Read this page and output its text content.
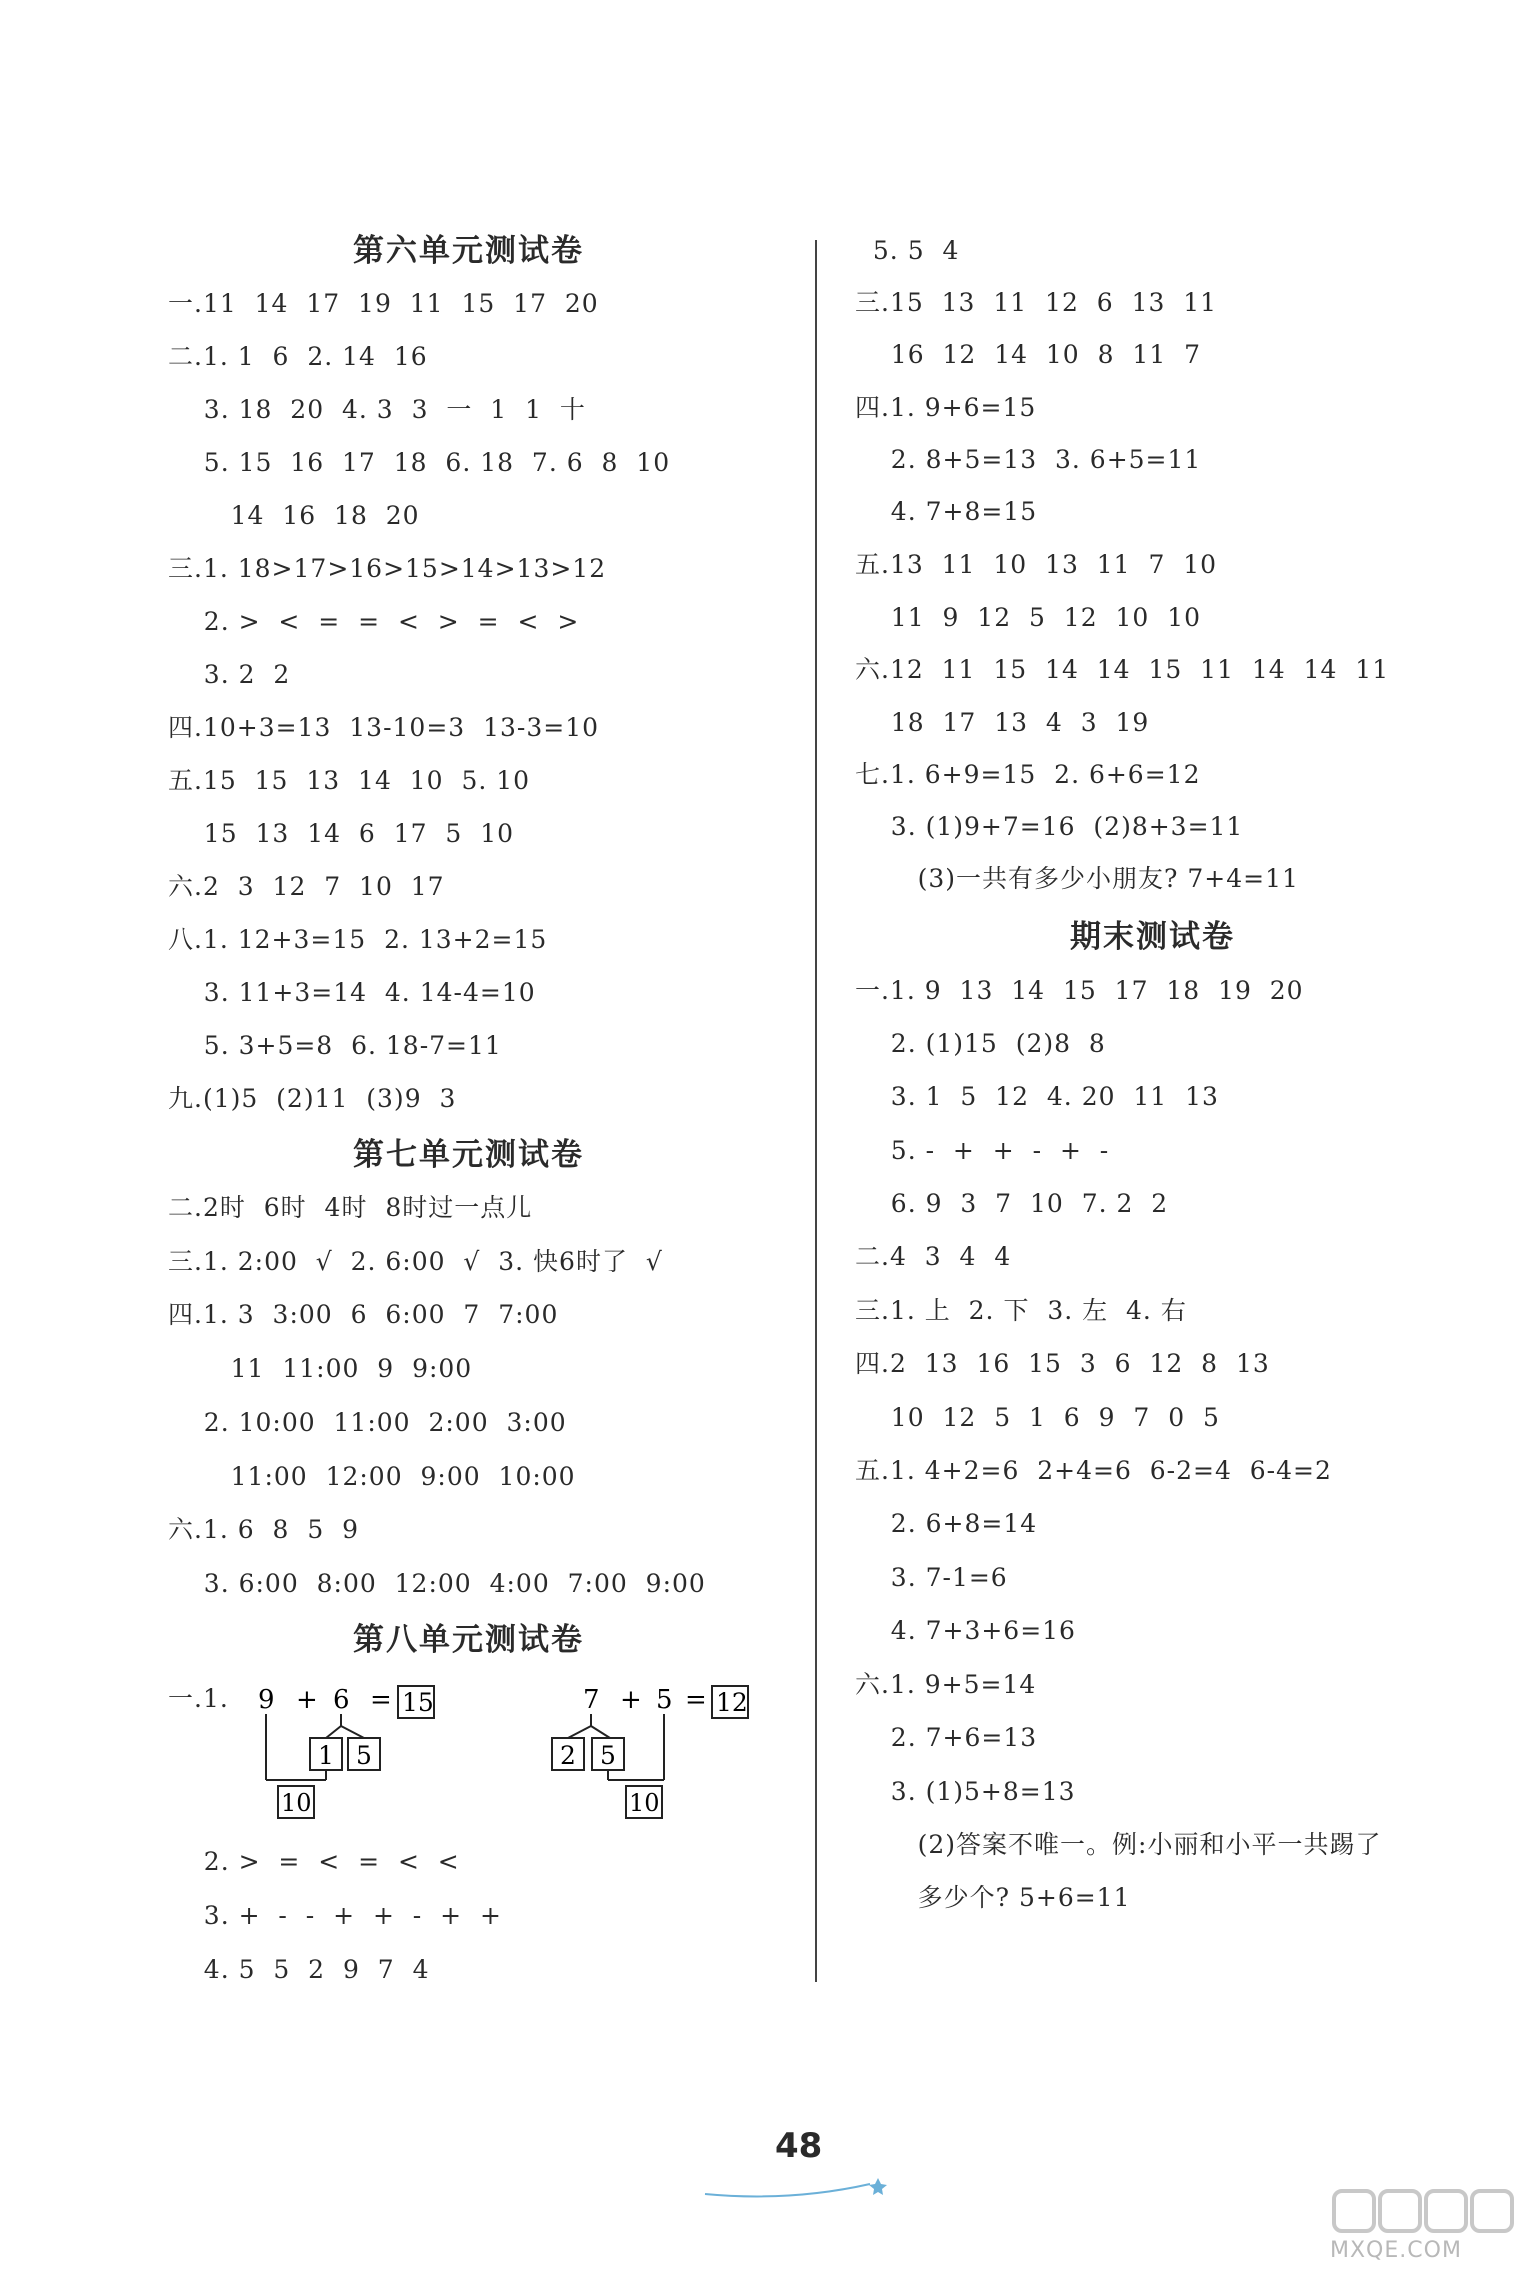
第六单元测试卷
一.11  14  17  19  11  15  17  20
二.1. 1  6  2. 14  16
3. 18  20  4. 3  3  一  1  1  十
5. 15  16  17  18  6. 18  7. 6  8  10
14  16  18  20
三.1. 18>17>16>15>14>13>12
2. >  <  =  =  <  >  =  <  >
3. 2  2
四.10+3=13  13-10=3  13-3=10
五.15  15  13  14  10  5. 10
15  13  14  6  17  5  10
六.2  3  12  7  10  17
八.1. 12+3=15  2. 13+2=15
3. 11+3=14  4. 14-4=10
5. 3+5=8  6. 18-7=11
九.(1)5  (2)11  (3)9  3
第七单元测试卷
二.2时  6时  4时  8时过一点儿
三.1. 2:00  √  2. 6:00  √  3. 快6时了  √
四.1. 3  3:00  6  6:00  7  7:00
11  11:00  9  9:00
2. 10:00  11:00  2:00  3:00
11:00  12:00  9:00  10:00
六.1. 6  8  5  9
3. 6:00  8:00  12:00  4:00  7:00  9:00
第八单元测试卷
一.1. 9 + 6 = 15
1 5
10
7 + 5 = 12
2 5
10
2. >  =  <  =  <  <
3. +  -  -  +  +  -  +  +
4. 5  5  2  9  7  4
5. 5  4
三.15  13  11  12  6  13  11
16  12  14  10  8  11  7
四.1. 9+6=15
2. 8+5=13  3. 6+5=11
4. 7+8=15
五.13  11  10  13  11  7  10
11  9  12  5  12  10  10
六.12  11  15  14  14  15  11  14  14  11
18  17  13  4  3  19
七.1. 6+9=15  2. 6+6=12
3. (1)9+7=16  (2)8+3=11
(3)一共有多少小朋友? 7+4=11
期末测试卷
一.1. 9  13  14  15  17  18  19  20
2. (1)15  (2)8  8
3. 1  5  12  4. 20  11  13
5. -  +  +  -  +  -
6. 9  3  7  10  7. 2  2
二.4  3  4  4
三.1. 上  2. 下  3. 左  4. 右
四.2  13  16  15  3  6  12  8  13
10  12  5  1  6  9  7  0  5
五.1. 4+2=6  2+4=6  6-2=4  6-4=2
2. 6+8=14
3. 7-1=6
4. 7+3+6=16
六.1. 9+5=14
2. 7+6=13
3. (1)5+8=13
(2)答案不唯一。例:小丽和小平一共踢了
多少个? 5+6=11
48
MXQE.COM
